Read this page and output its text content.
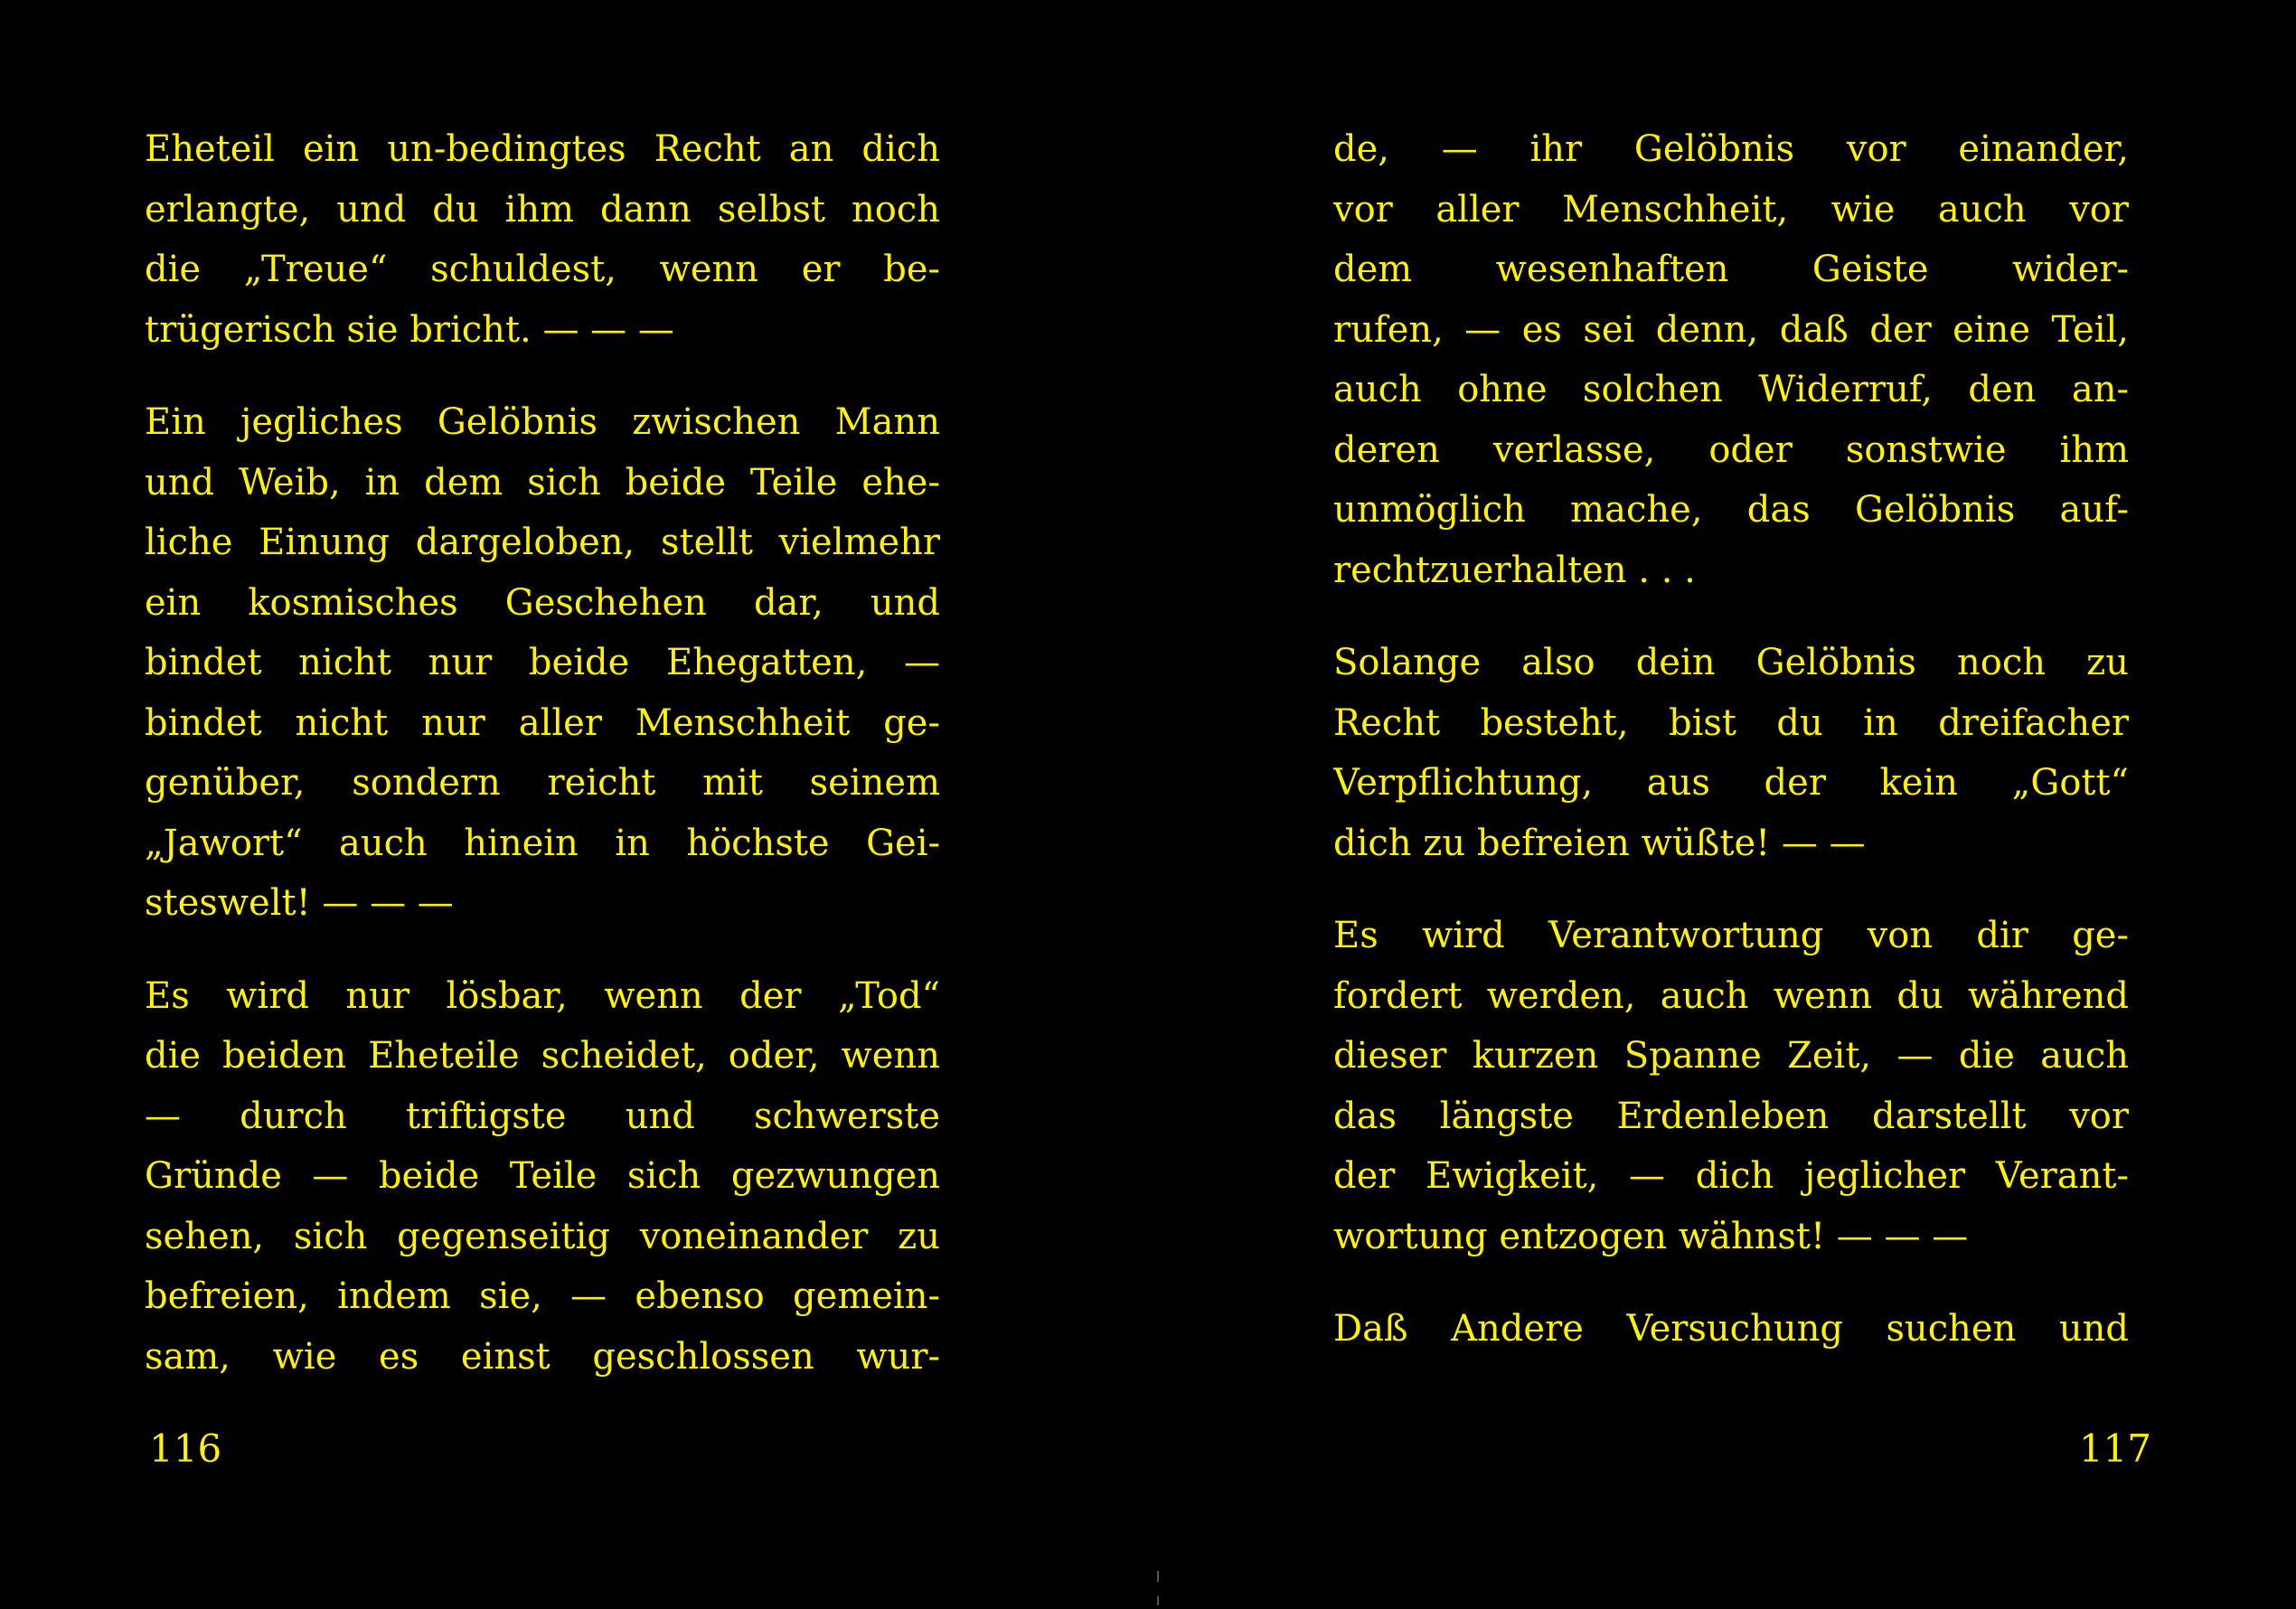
Eheteil ein un-bedingtes Recht an dich
erlangte, und du ihm dann selbst noch
die „Treue“ schuldest, wenn er be-
trügerisch sie bricht. — — —
Ein jegliches Gelöbnis zwischen Mann
und Weib, in dem sich beide Teile ehe-
liche Einung dargeloben, stellt vielmehr
ein kosmisches Geschehen dar, und
bindet nicht nur beide Ehegatten, —
bindet nicht nur aller Menschheit ge-
genüber, sondern reicht mit seinem
„Jawort“ auch hinein in höchste Gei-
steswelt! — — —
Es wird nur lösbar, wenn der „Tod“
die beiden Eheteile scheidet, oder, wenn
— durch triftigste und schwerste
Gründe — beide Teile sich gezwungen
sehen, sich gegenseitig voneinander zu
befreien, indem sie, — ebenso gemein-
sam, wie es einst geschlossen wur-
116
de, — ihr Gelöbnis vor einander,
vor aller Menschheit, wie auch vor
dem wesenhaften Geiste wider-
rufen, — es sei denn, daß der eine Teil,
auch ohne solchen Widerruf, den an-
deren verlasse, oder sonstwie ihm
unmöglich mache, das Gelöbnis auf-
rechtzuerhalten . . .
Solange also dein Gelöbnis noch zu
Recht besteht, bist du in dreifacher
Verpflichtung, aus der kein „Gott“
dich zu befreien wüßte! — —
Es wird Verantwortung von dir ge-
fordert werden, auch wenn du während
dieser kurzen Spanne Zeit, — die auch
das längste Erdenleben darstellt vor
der Ewigkeit, — dich jeglicher Verant-
wortung entzogen wähnst! — — —
Daß Andere Versuchung suchen und
117
